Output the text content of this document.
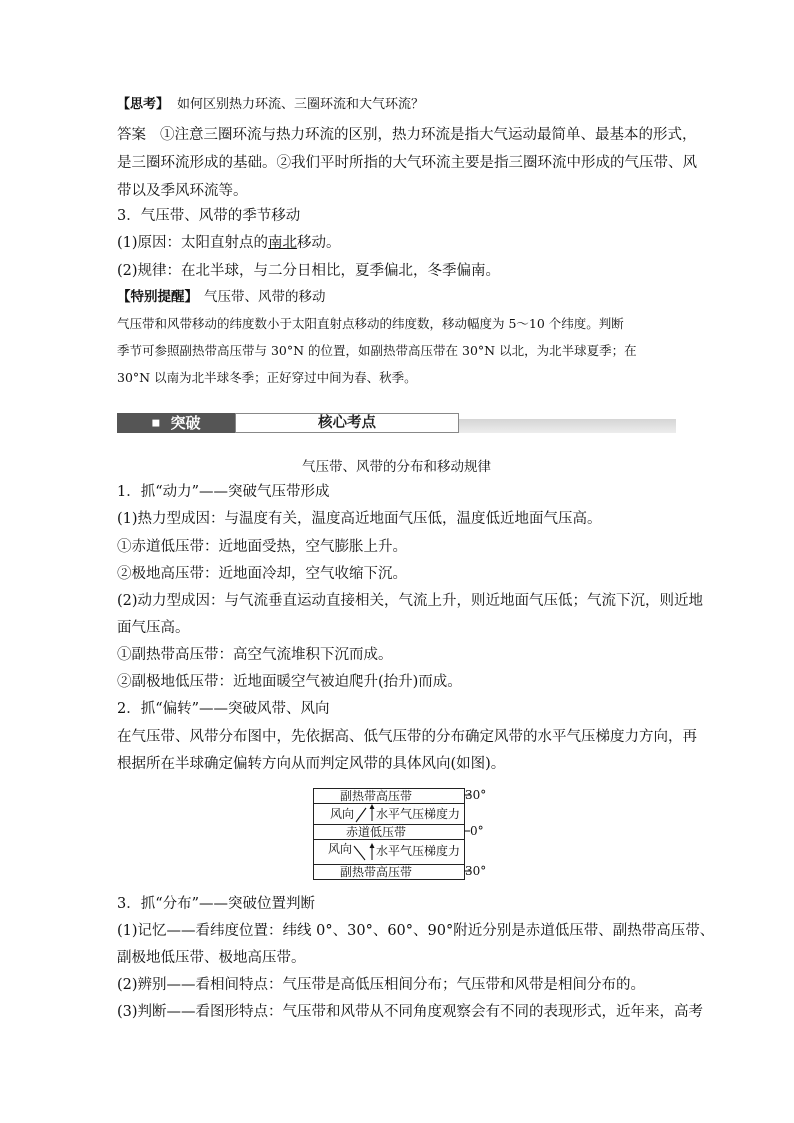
【思考】 如何区别热力环流、三圈环流和大气环流？
答案 ①注意三圈环流与热力环流的区别，热力环流是指大气运动最简单、最基本的形式，
是三圈环流形成的基础。②我们平时所指的大气环流主要是指三圈环流中形成的气压带、风
带以及季风环流等。
3．气压带、风带的季节移动
(1)原因：太阳直射点的南北移动。
(2)规律：在北半球，与二分日相比，夏季偏北，冬季偏南。
【特别提醒】 气压带、风带的移动
气压带和风带移动的纬度数小于太阳直射点移动的纬度数，移动幅度为 5～10 个纬度。判断
季节可参照副热带高压带与 30°N 的位置，如副热带高压带在 30°N 以北，为北半球夏季；在
30°N 以南为北半球冬季；正好穿过中间为春、秋季。
■ 突破	核心考点
气压带、风带的分布和移动规律
1．抓“动力”——突破气压带形成
(1)热力型成因：与温度有关，温度高近地面气压低，温度低近地面气压高。
①赤道低压带：近地面受热，空气膨胀上升。
②极地高压带：近地面冷却，空气收缩下沉。
(2)动力型成因：与气流垂直运动直接相关，气流上升，则近地面气压低；气流下沉，则近地
面气压高。
①副热带高压带：高空气流堆积下沉而成。
②副极地低压带：近地面暖空气被迫爬升(抬升)而成。
2．抓“偏转”——突破风带、风向
在气压带、风带分布图中，先依据高、低气压带的分布确定风带的水平气压梯度力方向，再
根据所在半球确定偏转方向从而判定风带的具体风向(如图)。
副热带高压带
赤道低压带
副热带高压带
风向 水平气压梯度力
风向 水平气压梯度力
30°
0°
30°
3．抓“分布”——突破位置判断
(1)记忆——看纬度位置：纬线 0°、30°、60°、90°附近分别是赤道低压带、副热带高压带、
副极地低压带、极地高压带。
(2)辨别——看相间特点：气压带是高低压相间分布；气压带和风带是相间分布的。
(3)判断——看图形特点：气压带和风带从不同角度观察会有不同的表现形式，近年来，高考
